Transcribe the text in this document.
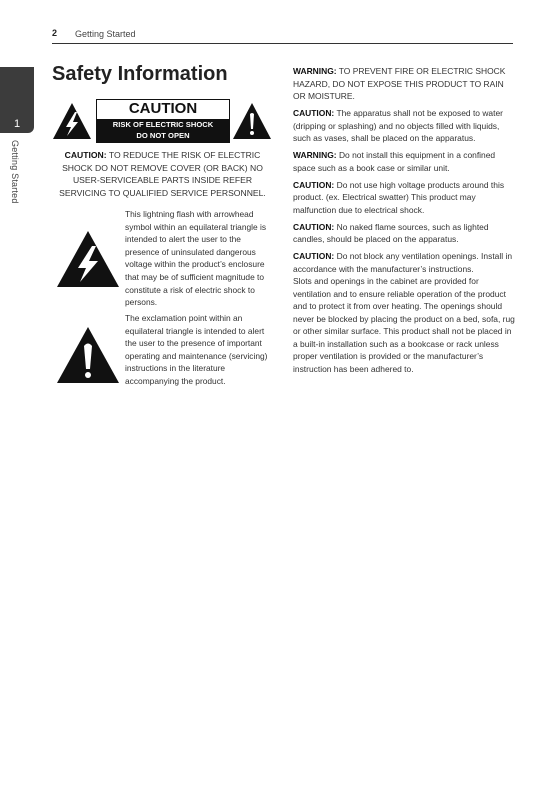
2 Getting Started
1
Getting Started
Safety Information
CAUTION
RISK OF ELECTRIC SHOCK
DO NOT OPEN
CAUTION: TO REDUCE THE RISK OF ELECTRIC SHOCK DO NOT REMOVE COVER (OR BACK) NO USER-SERVICEABLE PARTS INSIDE REFER SERVICING TO QUALIFIED SERVICE PERSONNEL.
This lightning flash with arrowhead symbol within an equilateral triangle is intended to alert the user to the presence of uninsulated dangerous voltage within the product’s enclosure that may be of sufficient magnitude to constitute a risk of electric shock to persons.
The exclamation point within an equilateral triangle is intended to alert the user to the presence of important operating and maintenance (servicing) instructions in the literature accompanying the product.

WARNING: TO PREVENT FIRE OR ELECTRIC SHOCK HAZARD, DO NOT EXPOSE THIS PRODUCT TO RAIN OR MOISTURE.

CAUTION: The apparatus shall not be exposed to water (dripping or splashing) and no objects filled with liquids, such as vases, shall be placed on the apparatus.

WARNING: Do not install this equipment in a confined space such as a book case or similar unit.

CAUTION: Do not use high voltage products around this product. (ex. Electrical swatter) This product may malfunction due to electrical shock.

CAUTION: No naked flame sources, such as lighted candles, should be placed on the apparatus.

CAUTION: Do not block any ventilation openings. Install in accordance with the manufacturer’s instructions.

Slots and openings in the cabinet are provided for ventilation and to ensure reliable operation of the product and to protect it from over heating. The openings should never be blocked by placing the product on a bed, sofa, rug or other similar surface. This product shall not be placed in a built-in installation such as a bookcase or rack unless proper ventilation is provided or the manufacturer’s instruction has been adhered to.
